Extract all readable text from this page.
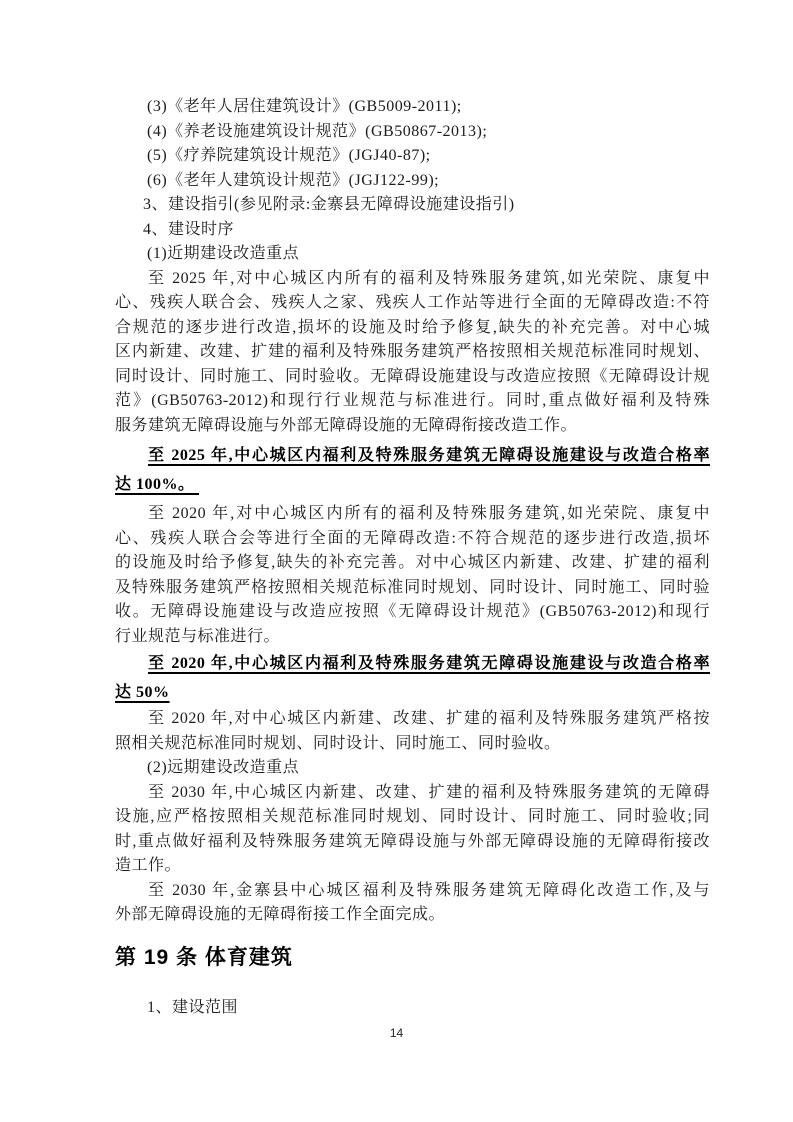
(3)《老年人居住建筑设计》(GB5009-2011);
(4)《养老设施建筑设计规范》(GB50867-2013);
(5)《疗养院建筑设计规范》(JGJ40-87);
(6)《老年人建筑设计规范》(JGJ122-99);
3、建设指引(参见附录:金寨县无障碍设施建设指引)
4、建设时序
(1)近期建设改造重点
至 2025 年,对中心城区内所有的福利及特殊服务建筑,如光荣院、康复中
心、残疾人联合会、残疾人之家、残疾人工作站等进行全面的无障碍改造:不符
合规范的逐步进行改造,损坏的设施及时给予修复,缺失的补充完善。对中心城
区内新建、改建、扩建的福利及特殊服务建筑严格按照相关规范标准同时规划、
同时设计、同时施工、同时验收。无障碍设施建设与改造应按照《无障碍设计规
范》(GB50763-2012)和现行行业规范与标准进行。同时,重点做好福利及特殊
服务建筑无障碍设施与外部无障碍设施的无障碍衔接改造工作。
至 2025 年,中心城区内福利及特殊服务建筑无障碍设施建设与改造合格率
达 100%。
至 2020 年,对中心城区内所有的福利及特殊服务建筑,如光荣院、康复中
心、残疾人联合会等进行全面的无障碍改造:不符合规范的逐步进行改造,损坏
的设施及时给予修复,缺失的补充完善。对中心城区内新建、改建、扩建的福利
及特殊服务建筑严格按照相关规范标准同时规划、同时设计、同时施工、同时验
收。无障碍设施建设与改造应按照《无障碍设计规范》(GB50763-2012)和现行
行业规范与标准进行。
至 2020 年,中心城区内福利及特殊服务建筑无障碍设施建设与改造合格率
达 50%
至 2020 年,对中心城区内新建、改建、扩建的福利及特殊服务建筑严格按
照相关规范标准同时规划、同时设计、同时施工、同时验收。
(2)远期建设改造重点
至 2030 年,中心城区内新建、改建、扩建的福利及特殊服务建筑的无障碍
设施,应严格按照相关规范标准同时规划、同时设计、同时施工、同时验收;同
时,重点做好福利及特殊服务建筑无障碍设施与外部无障碍设施的无障碍衔接改
造工作。
至 2030 年,金寨县中心城区福利及特殊服务建筑无障碍化改造工作,及与
外部无障碍设施的无障碍衔接工作全面完成。
第 19 条 体育建筑
1、建设范围
14
